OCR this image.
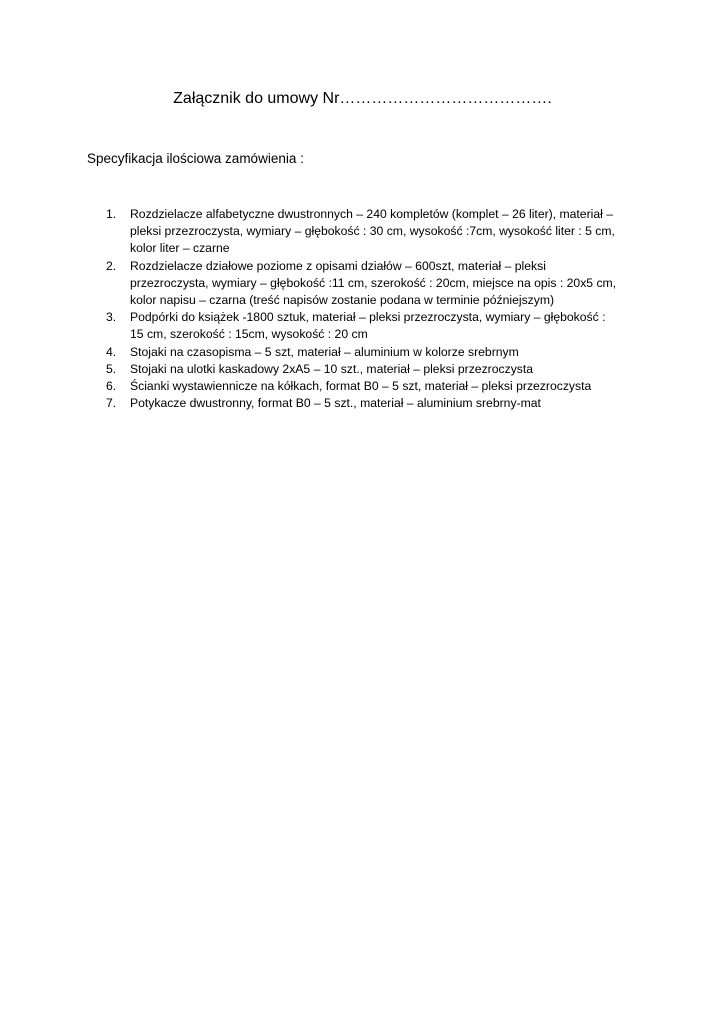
Załącznik do umowy Nr………………………………….
Specyfikacja ilościowa zamówienia :
1. Rozdzielacze alfabetyczne dwustronnych – 240 kompletów (komplet – 26 liter), materiał – pleksi przezroczysta, wymiary – głębokość : 30 cm, wysokość :7cm, wysokość liter : 5 cm, kolor liter – czarne
2. Rozdzielacze działowe poziome z opisami działów – 600szt, materiał – pleksi przezroczysta, wymiary – głębokość :11 cm, szerokość : 20cm, miejsce na opis : 20x5 cm, kolor napisu – czarna (treść napisów zostanie podana w terminie późniejszym)
3. Podpórki do książek -1800 sztuk, materiał – pleksi przezroczysta, wymiary – głębokość : 15 cm, szerokość : 15cm, wysokość : 20 cm
4. Stojaki na czasopisma – 5 szt, materiał – aluminium w kolorze srebrnym
5. Stojaki na ulotki kaskadowy 2xA5 – 10 szt., materiał – pleksi przezroczysta
6. Ścianki wystawiennicze na kółkach, format B0 – 5 szt, materiał – pleksi przezroczysta
7. Potykacze dwustronny, format B0 – 5 szt., materiał – aluminium srebrny-mat
